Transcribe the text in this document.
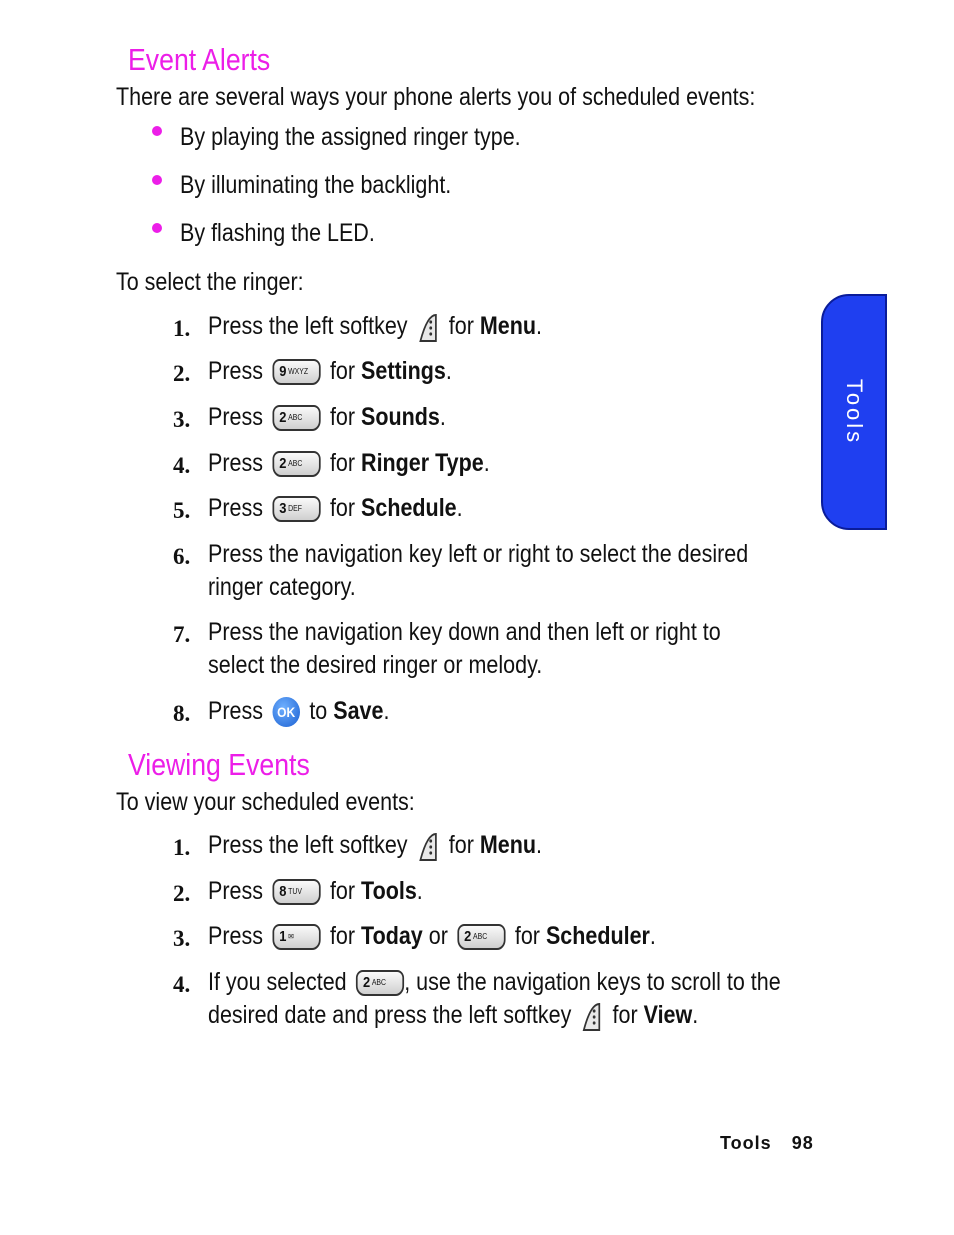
Event Alerts
There are several ways your phone alerts you of scheduled events:
By playing the assigned ringer type.
By illuminating the backlight.
By flashing the LED.
To select the ringer:
1. Press the left softkey for Menu.
2. Press 9 $^{WXYZ}$ for Settings.
3. Press 2 $^{ABC}$ for Sounds.
4. Press 2 $^{ABC}$ for Ringer Type.
5. Press 3 $^{DEF}$ for Schedule.
6. Press the navigation key left or right to select the desired
ringer category.
7. Press the navigation key down and then left or right to
select the desired ringer or melody.
8. Press OK to Save.
Viewing Events
To view your scheduled events:
1. Press the left softkey for Menu.
2. Press 8 $^{TUV}$ for Tools.
3. Press 1 ✉ for Today or 2 $^{ABC}$ for Scheduler.
4. If you selected 2 $^{ABC}$ , use the navigation keys to scroll to the
desired date and press the left softkey for View.
Tools
Tools 98
